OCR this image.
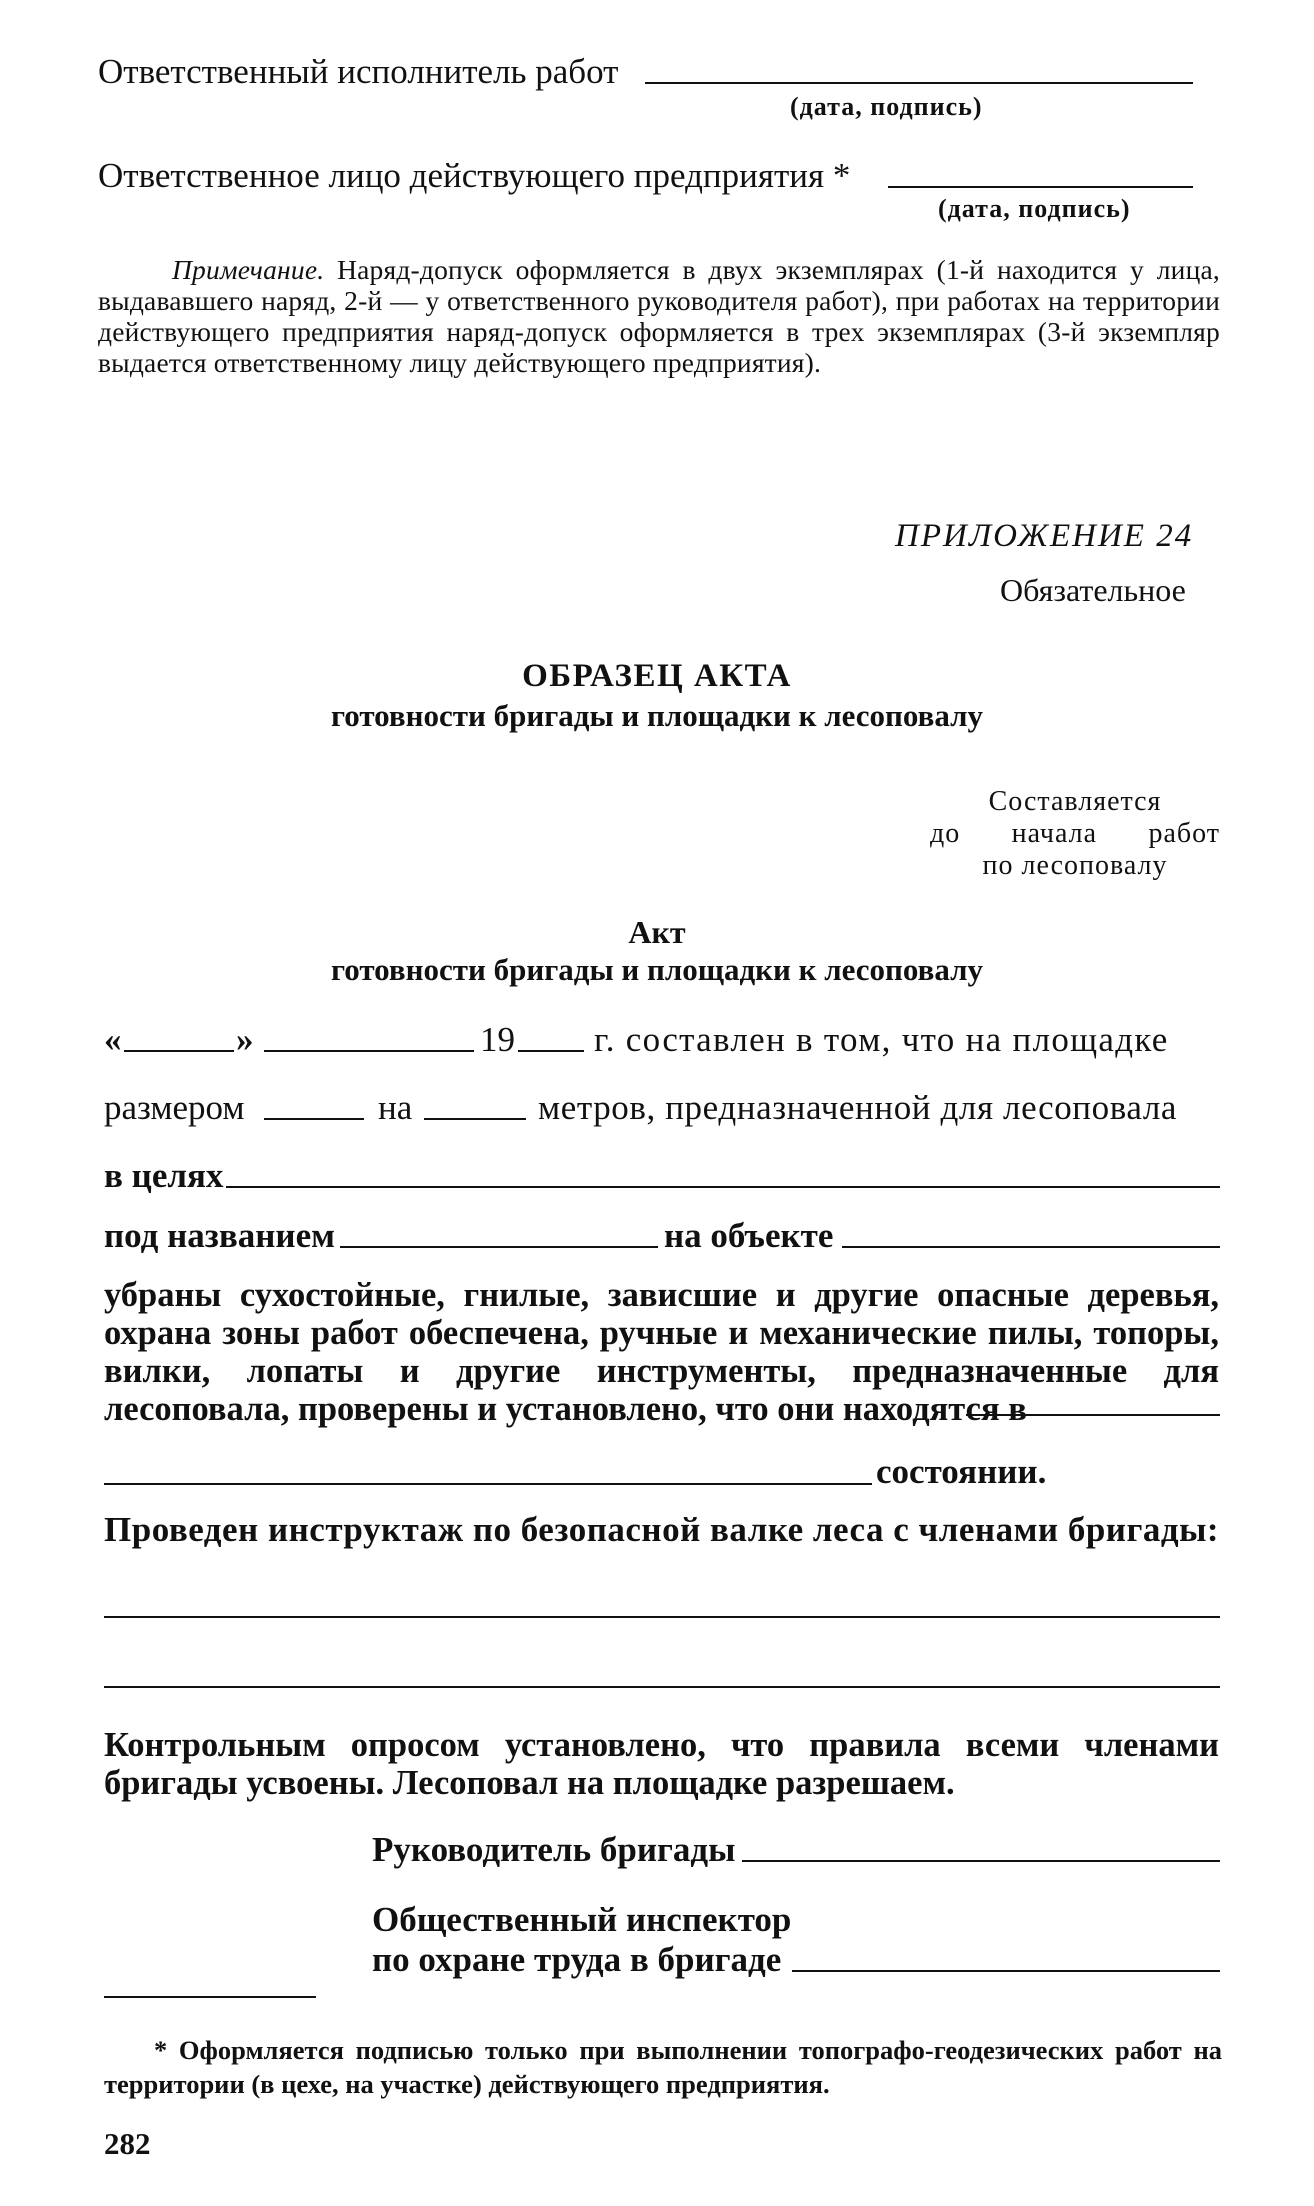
Ответственный исполнитель работ
(дата, подпись)
Ответственное лицо действующего предприятия *
(дата, подпись)
Примечание. Наряд-допуск оформляется в двух экземплярах (1-й находится у лица, выдававшего наряд, 2-й — у ответственного руководителя работ), при работах на территории действующего предприятия наряд-допуск оформляется в трех экземплярах (3-й экземпляр выдается ответственному лицу действующего предприятия).
ПРИЛОЖЕНИЕ 24
Обязательное
ОБРАЗЕЦ АКТА
готовности бригады и площадки к лесоповалу
Составляется
до начала работ
по лесоповалу
Акт
готовности бригады и площадки к лесоповалу
«	»	19 г. составлен в том, что на площадке
размером	на	метров, предназначенной для лесоповала
в целях
под названием	на объекте
убраны сухостойные, гнилые, зависшие и другие опасные деревья, охрана зоны работ обеспечена, ручные и механические пилы, топоры, вилки, лопаты и другие инструменты, предназначенные для лесоповала, проверены и установлено, что они находятся в
состоянии.
Проведен инструктаж по безопасной валке леса с членами бригады:
Контрольным опросом установлено, что правила всеми членами бригады усвоены. Лесоповал на площадке разрешаем.
Руководитель бригады
Общественный инспектор
по охране труда в бригаде
* Оформляется подписью только при выполнении топографо-геодезических работ на территории (в цехе, на участке) действующего предприятия.
282
